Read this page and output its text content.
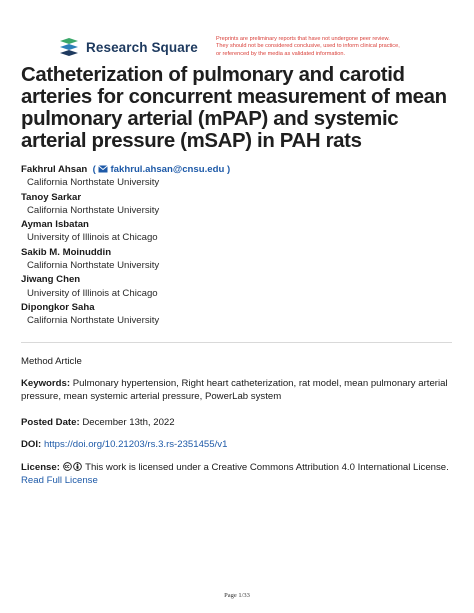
Research Square
Preprints are preliminary reports that have not undergone peer review.
They should not be considered conclusive, used to inform clinical practice,
or referenced by the media as validated information.
Catheterization of pulmonary and carotid arteries for concurrent measurement of mean pulmonary arterial (mPAP) and systemic arterial pressure (mSAP) in PAH rats
Fakhrul Ahsan  ( fakhrul.ahsan@cnsu.edu )
California Northstate University
Tanoy Sarkar
California Northstate University
Ayman Isbatan
University of Illinois at Chicago
Sakib M. Moinuddin
California Northstate University
Jiwang Chen
University of Illinois at Chicago
Dipongkor Saha
California Northstate University
Method Article
Keywords: Pulmonary hypertension, Right heart catheterization, rat model, mean pulmonary arterial pressure, mean systemic arterial pressure, PowerLab system
Posted Date: December 13th, 2022
DOI: https://doi.org/10.21203/rs.3.rs-2351455/v1
License:	This work is licensed under a Creative Commons Attribution 4.0 International License.
Read Full License
Page 1/33
